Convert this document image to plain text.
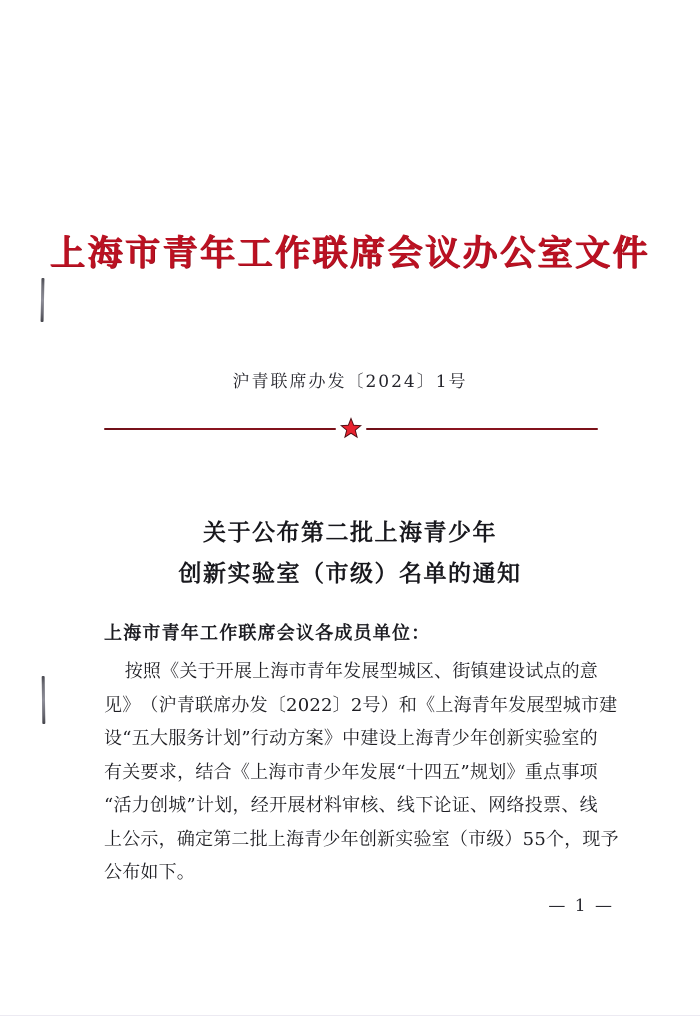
上海市青年工作联席会议办公室文件
沪青联席办发〔2024〕1号
关于公布第二批上海青少年
创新实验室（市级）名单的通知
上海市青年工作联席会议各成员单位：
按 照 《 关 于 开 展 上 海 市 青 年 发 展 型 城 区 、 街 镇 建 设 试 点 的 意
见 》 （ 沪 青 联 席 办 发 〔 2 0 2 2 〕 2 号 ） 和 《 上 海 青 年 发 展 型 城 市 建
设 “ 五 大 服 务 计 划 ” 行 动 方 案 》 中 建 设 上 海 青 少 年 创 新 实 验 室 的
有 关 要 求 ， 结 合 《 上 海 市 青 少 年 发 展 “ 十 四 五 ” 规 划 》 重 点 事 项
“ 活 力 创 城 ” 计 划 ， 经 开 展 材 料 审 核 、 线 下 论 证 、 网 络 投 票 、 线
上 公 示 ， 确 定 第 二 批 上 海 青 少 年 创 新 实 验 室 （ 市 级 ） 5 5 个 ， 现 予
公布如下。
— 1 —
